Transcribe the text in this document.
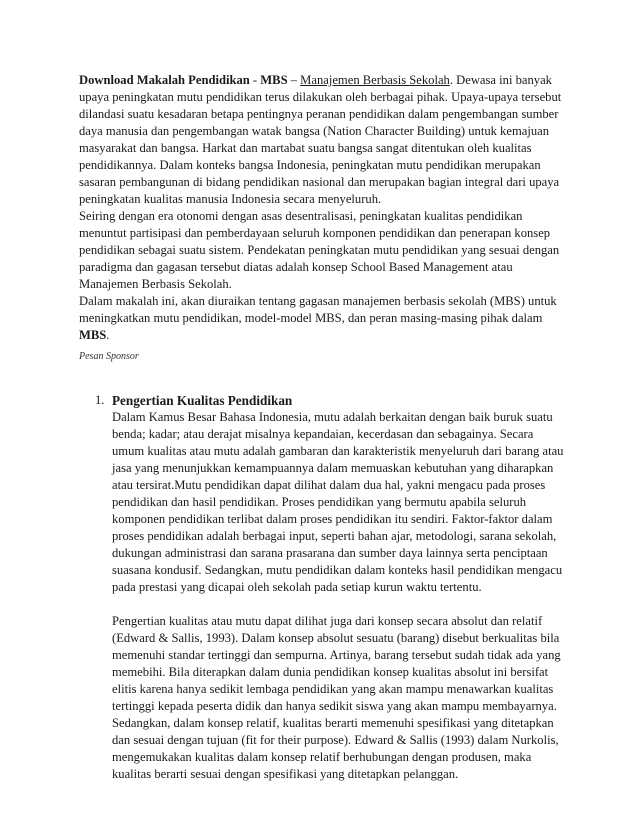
Download Makalah Pendidikan - MBS – Manajemen Berbasis Sekolah. Dewasa ini banyak upaya peningkatan mutu pendidikan terus dilakukan oleh berbagai pihak. Upaya-upaya tersebut dilandasi suatu kesadaran betapa pentingnya peranan pendidikan dalam pengembangan sumber daya manusia dan pengembangan watak bangsa (Nation Character Building) untuk kemajuan masyarakat dan bangsa. Harkat dan martabat suatu bangsa sangat ditentukan oleh kualitas pendidikannya. Dalam konteks bangsa Indonesia, peningkatan mutu pendidikan merupakan sasaran pembangunan di bidang pendidikan nasional dan merupakan bagian integral dari upaya peningkatan kualitas manusia Indonesia secara menyeluruh.

Seiring dengan era otonomi dengan asas desentralisasi, peningkatan kualitas pendidikan menuntut partisipasi dan pemberdayaan seluruh komponen pendidikan dan penerapan konsep pendidikan sebagai suatu sistem. Pendekatan peningkatan mutu pendidikan yang sesuai dengan paradigma dan gagasan tersebut diatas adalah konsep School Based Management atau Manajemen Berbasis Sekolah.

Dalam makalah ini, akan diuraikan tentang gagasan manajemen berbasis sekolah (MBS) untuk meningkatkan mutu pendidikan, model-model MBS, dan peran masing-masing pihak dalam MBS.

Pesan Sponsor

1. Pengertian Kualitas Pendidikan

Dalam Kamus Besar Bahasa Indonesia, mutu adalah berkaitan dengan baik buruk suatu benda; kadar; atau derajat misalnya kepandaian, kecerdasan dan sebagainya. Secara umum kualitas atau mutu adalah gambaran dan karakteristik menyeluruh dari barang atau jasa yang menunjukkan kemampuannya dalam memuaskan kebutuhan yang diharapkan atau tersirat.Mutu pendidikan dapat dilihat dalam dua hal, yakni mengacu pada proses pendidikan dan hasil pendidikan. Proses pendidikan yang bermutu apabila seluruh komponen pendidikan terlibat dalam proses pendidikan itu sendiri. Faktor-faktor dalam proses pendidikan adalah berbagai input, seperti bahan ajar, metodologi, sarana sekolah, dukungan administrasi dan sarana prasarana dan sumber daya lainnya serta penciptaan suasana kondusif. Sedangkan, mutu pendidikan dalam konteks hasil pendidikan mengacu pada prestasi yang dicapai oleh sekolah pada setiap kurun waktu tertentu.

Pengertian kualitas atau mutu dapat dilihat juga dari konsep secara absolut dan relatif (Edward & Sallis, 1993). Dalam konsep absolut sesuatu (barang) disebut berkualitas bila memenuhi standar tertinggi dan sempurna. Artinya, barang tersebut sudah tidak ada yang memebihi. Bila diterapkan dalam dunia pendidikan konsep kualitas absolut ini bersifat elitis karena hanya sedikit lembaga pendidikan yang akan mampu menawarkan kualitas tertinggi kepada peserta didik dan hanya sedikit siswa yang akan mampu membayarnya. Sedangkan, dalam konsep relatif, kualitas berarti memenuhi spesifikasi yang ditetapkan dan sesuai dengan tujuan (fit for their purpose). Edward & Sallis (1993) dalam Nurkolis, mengemukakan kualitas dalam konsep relatif berhubungan dengan produsen, maka kualitas berarti sesuai dengan spesifikasi yang ditetapkan pelanggan.
